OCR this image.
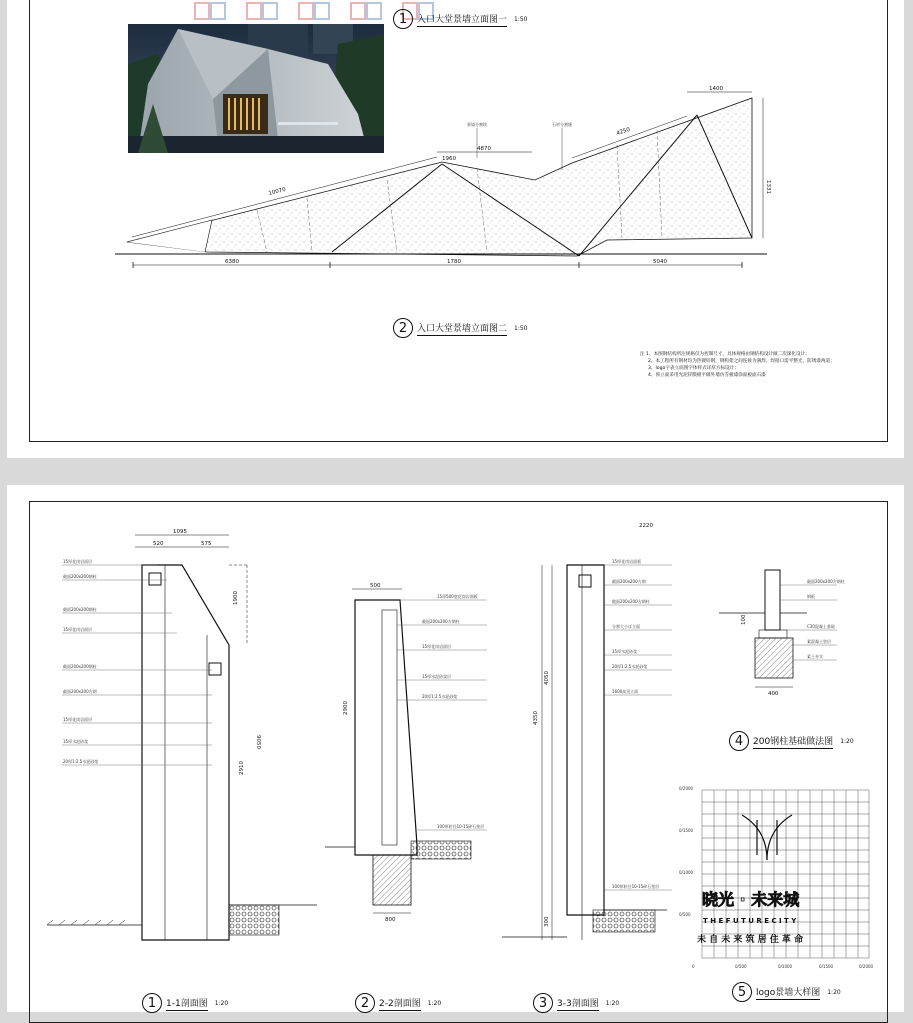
1	入口大堂景墙立面图一 1:50
10070
4870
1960
4250
1400
1331
景墙分割线	石材分割缝
6380	1780	5040
2	入口大堂景墙立面图二 1:50
注 1、本图钢结构所注规格仅为控制尺寸，具体规格由钢结构设计做二次深化设计；
2、本工程所有钢材均为热镀锌钢，钢构架之间连接为满焊，焊接口需平整光，防锈漆两道；
3、logo字表立面图字体样式详厚方标设计；
4、预立面采用光泥锌膜板平做外墙仿雪板漆涂面板面石漆
2220
1095
520	575
1900
2910
9050
15厚花岗岩面层
截面200x200钢柱
截面200x200钢柱
15厚花岗岩面层
截面200x200钢柱
截面200x200方钢
15厚花岗岩面层
15厚水泥砂浆
20厚1:2.5水泥砂浆
500
2900
800
15厚500宽花岗岩面板
截面200x200方钢柱
15厚花岗岩面层
15厚水泥砂浆层
20厚1:2.5水泥砂浆
100厚粒径10-15碎石垫层
4350
4050
300
15厚花岗岩面板
截面200x200方钢
截面200x200方钢柱
分割大小详立面
15厚水泥砂浆
20厚1:2.5水泥砂浆
1600高见立面
100厚粒径10-15碎石垫层
400
100
截面200x200方钢柱
钢板
C30混凝土基础
素混凝土垫层
素土夯实
晓光 · 未来城
T H E F U T U R E C I T Y
未 自 未 来 筑 居 住 革 命
0/2000
0/1500
0/1000
0/500
0	0/500	0/1000	0/1500	0/2000
4	200钢柱基础做法图 1:20
5	logo景墙大样图 1:20
1	1-1剖面图 1:20	2	2-2剖面图 1:20	3	3-3剖面图 1:20
